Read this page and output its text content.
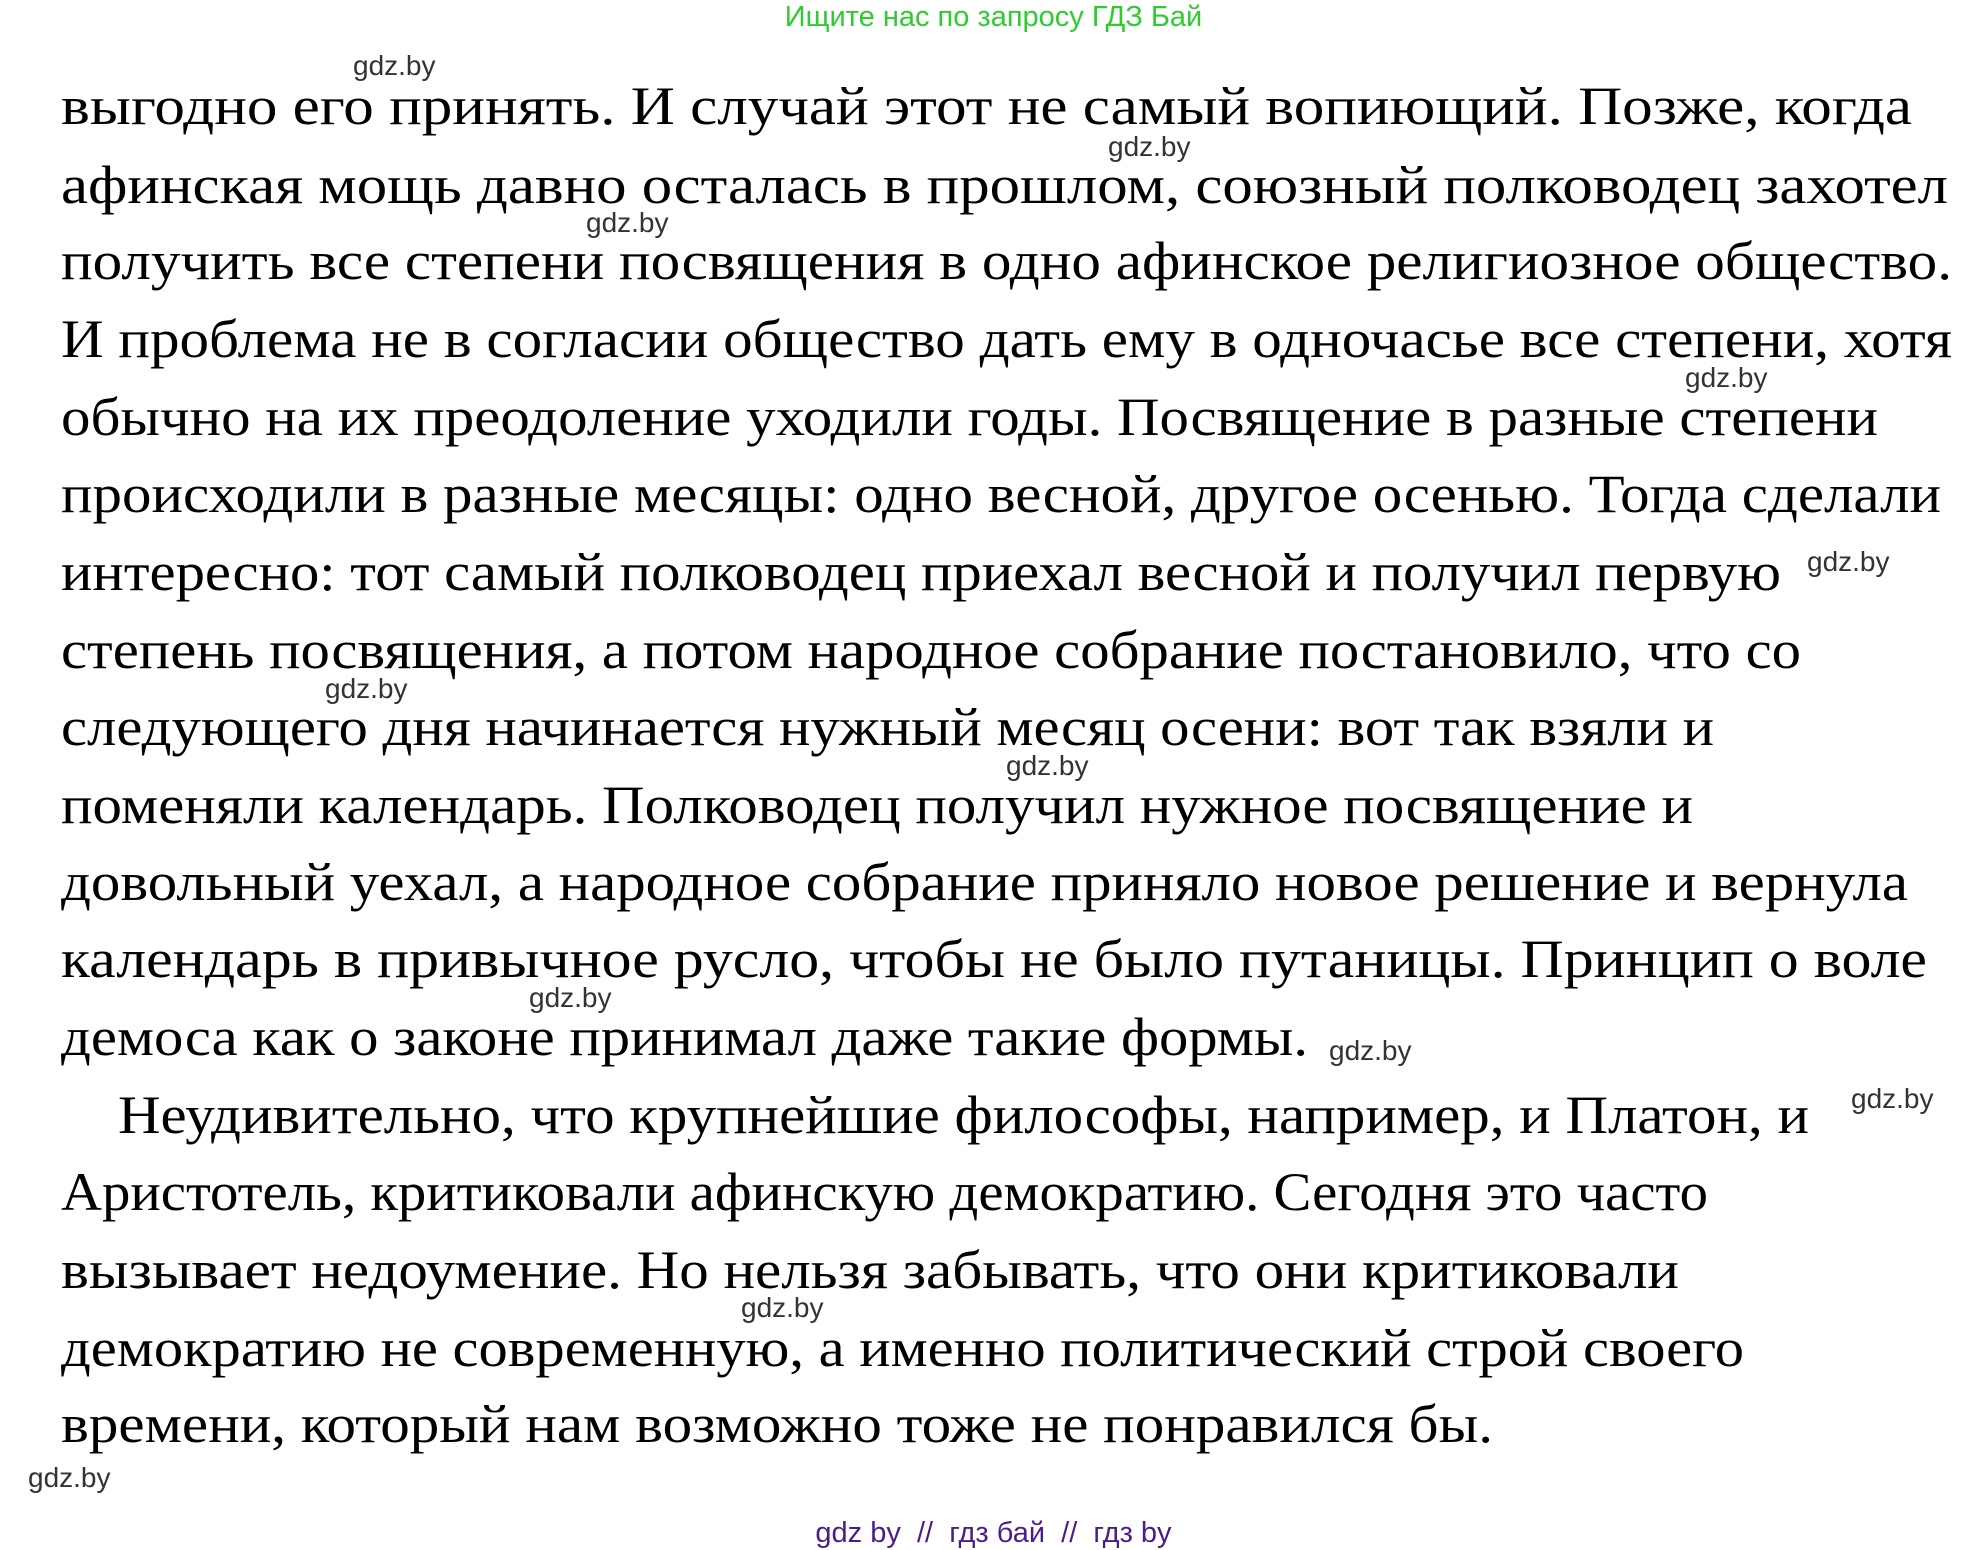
Ищите нас по запросу ГДЗ Бай
выгодно его принять. И случай этот не самый вопиющий. Позже, когда
афинская мощь давно осталась в прошлом, союзный полководец захотел
получить все степени посвящения в одно афинское религиозное общество.
И проблема не в согласии общество дать ему в одночасье все степени, хотя
обычно на их преодоление уходили годы. Посвящение в разные степени
происходили в разные месяцы: одно весной, другое осенью. Тогда сделали
интересно: тот самый полководец приехал весной и получил первую
степень посвящения, а потом народное собрание постановило, что со
следующего дня начинается нужный месяц осени: вот так взяли и
поменяли календарь. Полководец получил нужное посвящение и
довольный уехал, а народное собрание приняло новое решение и вернула
календарь в привычное русло, чтобы не было путаницы. Принцип о воле
демоса как о законе принимал даже такие формы.
Неудивительно, что крупнейшие философы, например, и Платон, и
Аристотель, критиковали афинскую демократию. Сегодня это часто
вызывает недоумение. Но нельзя забывать, что они критиковали
демократию не современную, а именно политический строй своего
времени, который нам возможно тоже не понравился бы.
gdz.by
gdz.by
gdz.by
gdz.by
gdz.by
gdz.by
gdz.by
gdz.by
gdz.by
gdz.by
gdz.by
gdz.by
gdz by  //  гдз бай  //  гдз by
